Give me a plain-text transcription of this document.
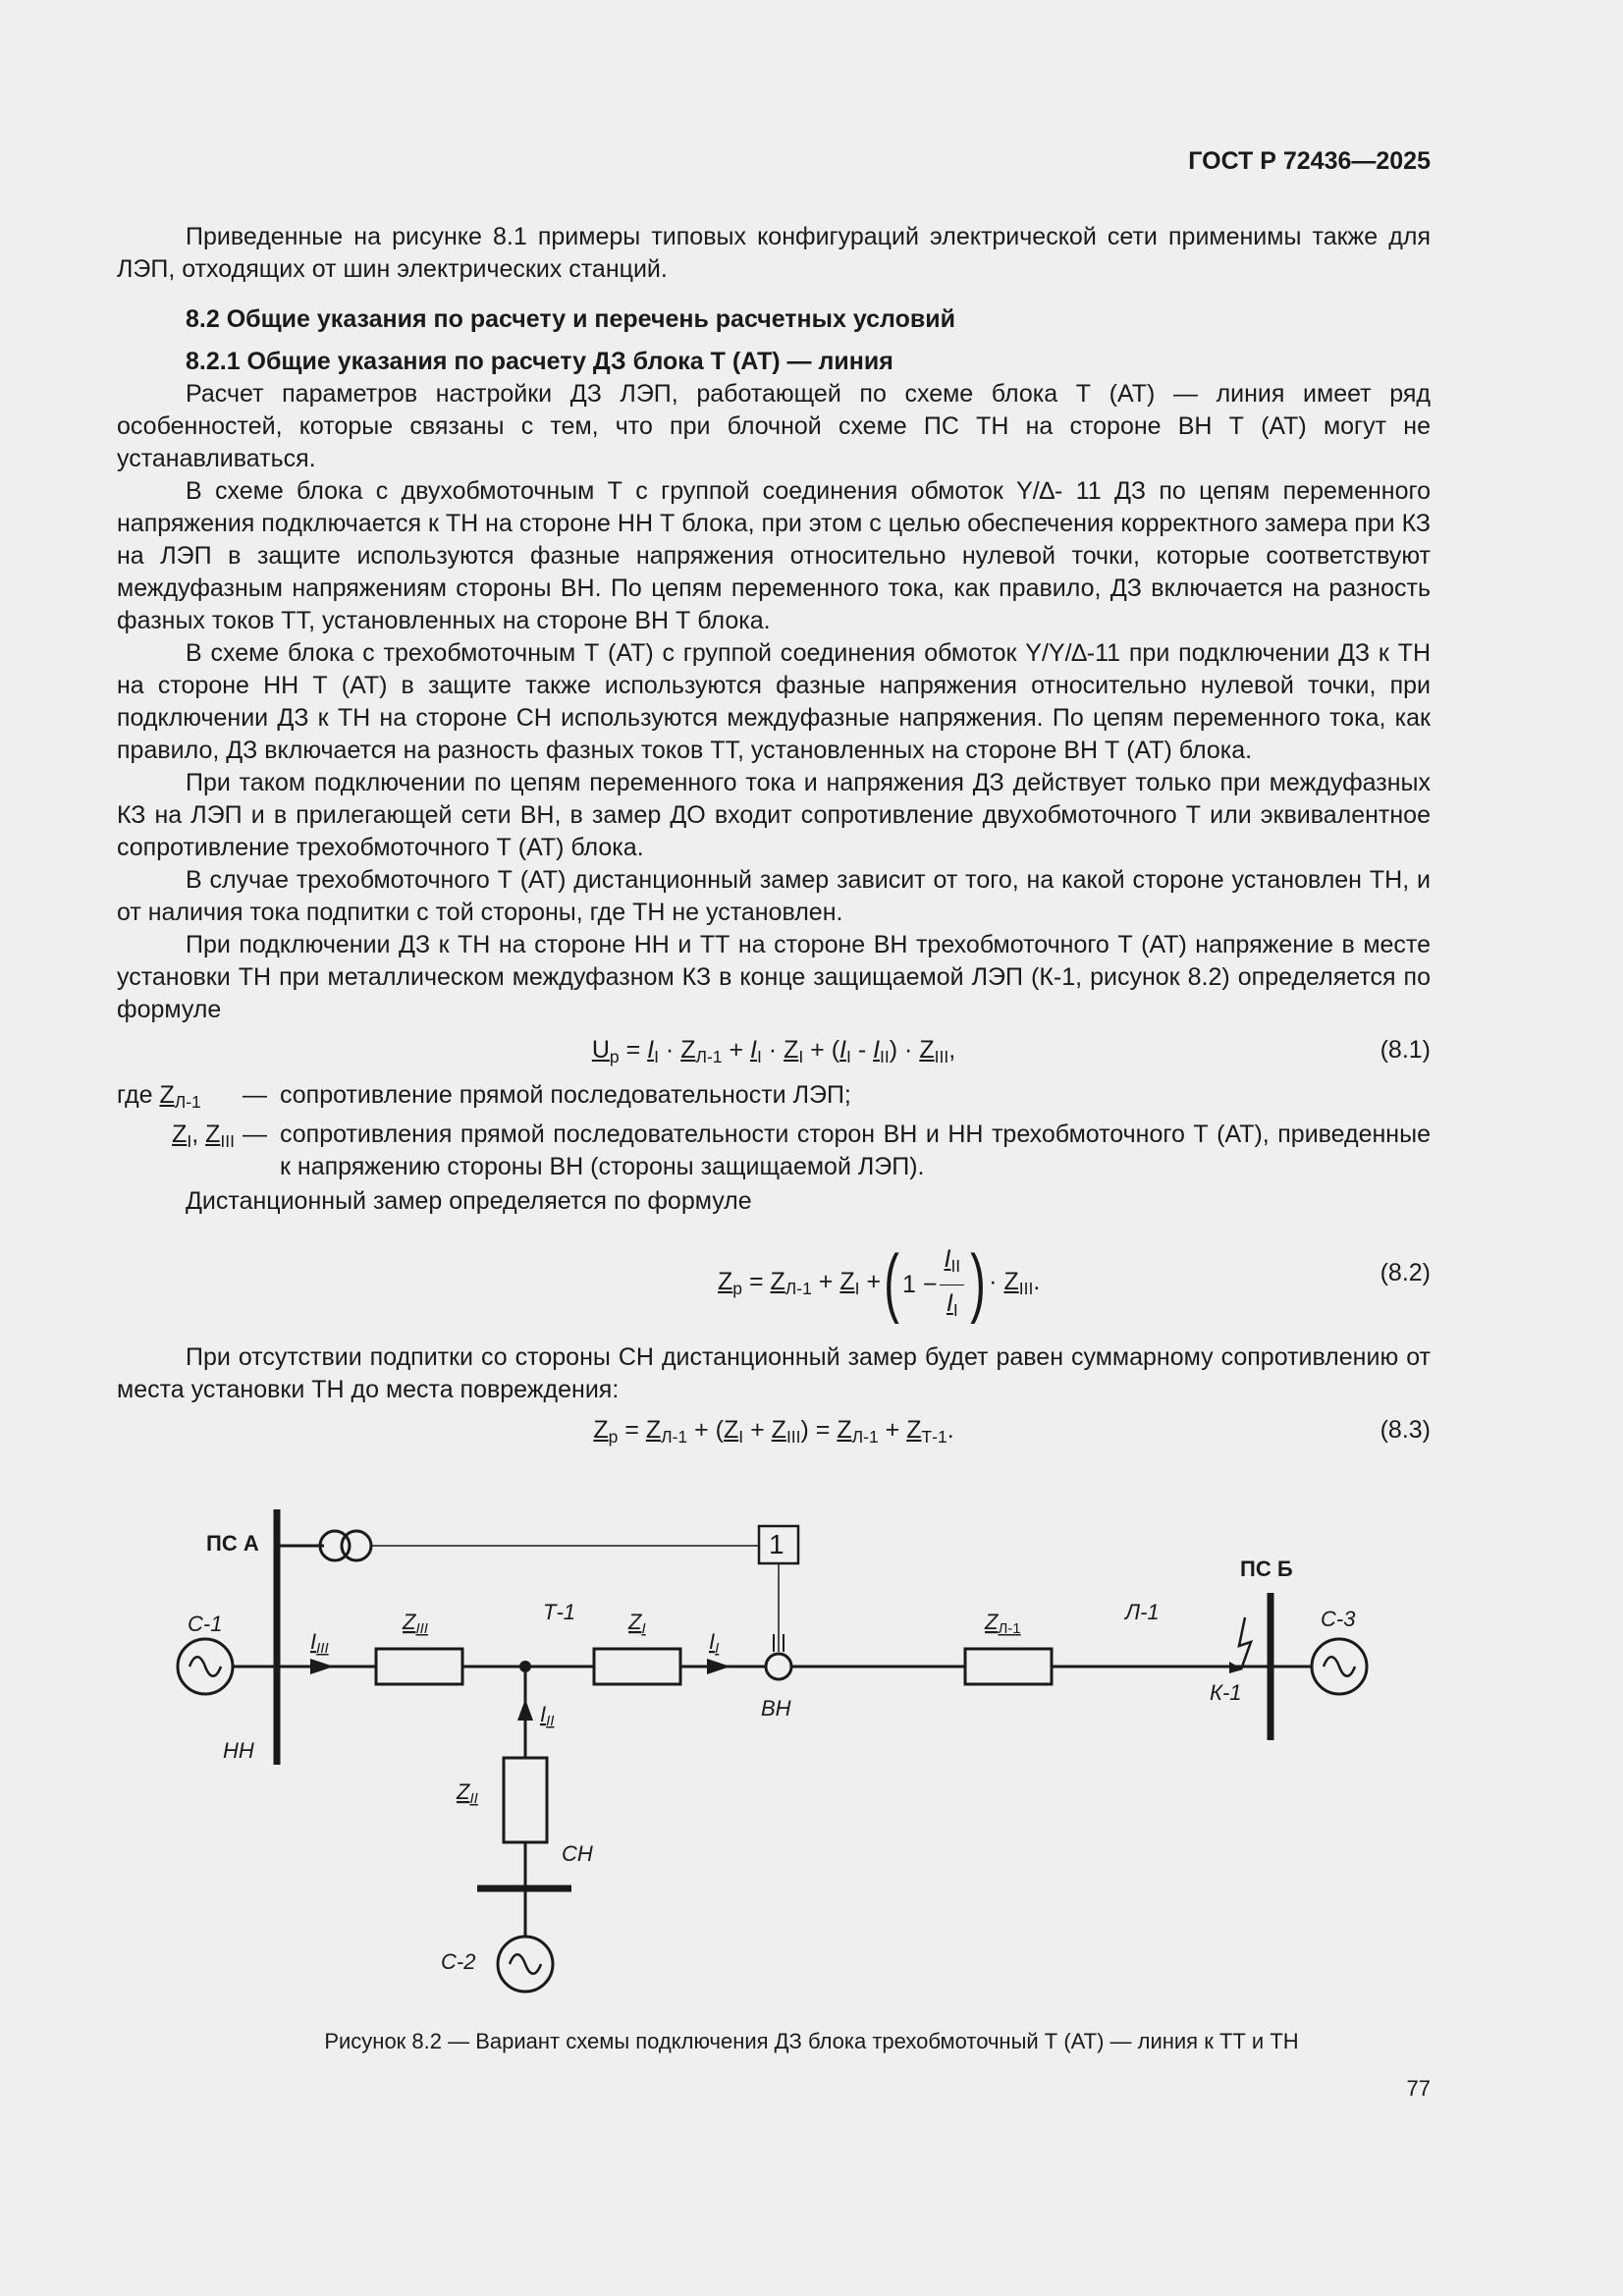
ГОСТ Р 72436—2025

Приведенные на рисунке 8.1 примеры типовых конфигураций электрической сети применимы также для ЛЭП, отходящих от шин электрических станций.

8.2 Общие указания по расчету и перечень расчетных условий
8.2.1 Общие указания по расчету ДЗ блока Т (АТ) — линия

Расчет параметров настройки ДЗ ЛЭП, работающей по схеме блока Т (АТ) — линия имеет ряд особенностей, которые связаны с тем, что при блочной схеме ПС ТН на стороне ВН Т (АТ) могут не устанавливаться.

В схеме блока с двухобмоточным Т с группой соединения обмоток Y/∆- 11 ДЗ по цепям переменного напряжения подключается к ТН на стороне НН Т блока, при этом с целью обеспечения корректного замера при КЗ на ЛЭП в защите используются фазные напряжения относительно нулевой точки, которые соответствуют междуфазным напряжениям стороны ВН. По цепям переменного тока, как правило, ДЗ включается на разность фазных токов ТТ, установленных на стороне ВН Т блока.

В схеме блока с трехобмоточным Т (АТ) с группой соединения обмоток Y/Y/∆-11 при подключении ДЗ к ТН на стороне НН Т (АТ) в защите также используются фазные напряжения относительно нулевой точки, при подключении ДЗ к ТН на стороне СН используются междуфазные напряжения. По цепям переменного тока, как правило, ДЗ включается на разность фазных токов ТТ, установленных на стороне ВН Т (АТ) блока.

При таком подключении по цепям переменного тока и напряжения ДЗ действует только при междуфазных КЗ на ЛЭП и в прилегающей сети ВН, в замер ДО входит сопротивление двухобмоточного Т или эквивалентное сопротивление трехобмоточного Т (АТ) блока.

В случае трехобмоточного Т (АТ) дистанционный замер зависит от того, на какой стороне установлен ТН, и от наличия тока подпитки с той стороны, где ТН не установлен.

При подключении ДЗ к ТН на стороне НН и ТТ на стороне ВН трехобмоточного Т (АТ) напряжение в месте установки ТН при металлическом междуфазном КЗ в конце защищаемой ЛЭП (К-1, рисунок 8.2) определяется по формуле

$U_р = I_I \cdot Z_{Л-1} + I_I \cdot Z_I + (I_I - I_{II}) \cdot Z_{III}$,	(8.1)
где $Z_{Л-1}$	— сопротивление прямой последовательности ЛЭП;
$Z_I$, $Z_{III}$ — сопротивления прямой последовательности сторон ВН и НН трехобмоточного Т (АТ), приведенные к напряжению стороны ВН (стороны защищаемой ЛЭП).

Дистанционный замер определяется по формуле

$Z_р = Z_{Л-1} + Z_I$ + ( $1 - \frac{I_{II}}{I_I}$ ) · $Z_{III}$.	(8.2)

При отсутствии подпитки со стороны СН дистанционный замер будет равен суммарному сопротивлению от места установки ТН до места повреждения:

$Z_р = Z_{Л-1} + (Z_I + Z_{III}) = Z_{Л-1} + Z_{Т-1}$.	(8.3)
ПС А
ПС Б
С-1	С-3
С-2
НН
СН
ВН
Т-1	Л-1
К-1
1
ZIII
IIII
ZI
II
ZЛ-1
III
ZII
Рисунок 8.2 — Вариант схемы подключения ДЗ блока трехобмоточный Т (АТ) — линия к ТТ и ТН
77
